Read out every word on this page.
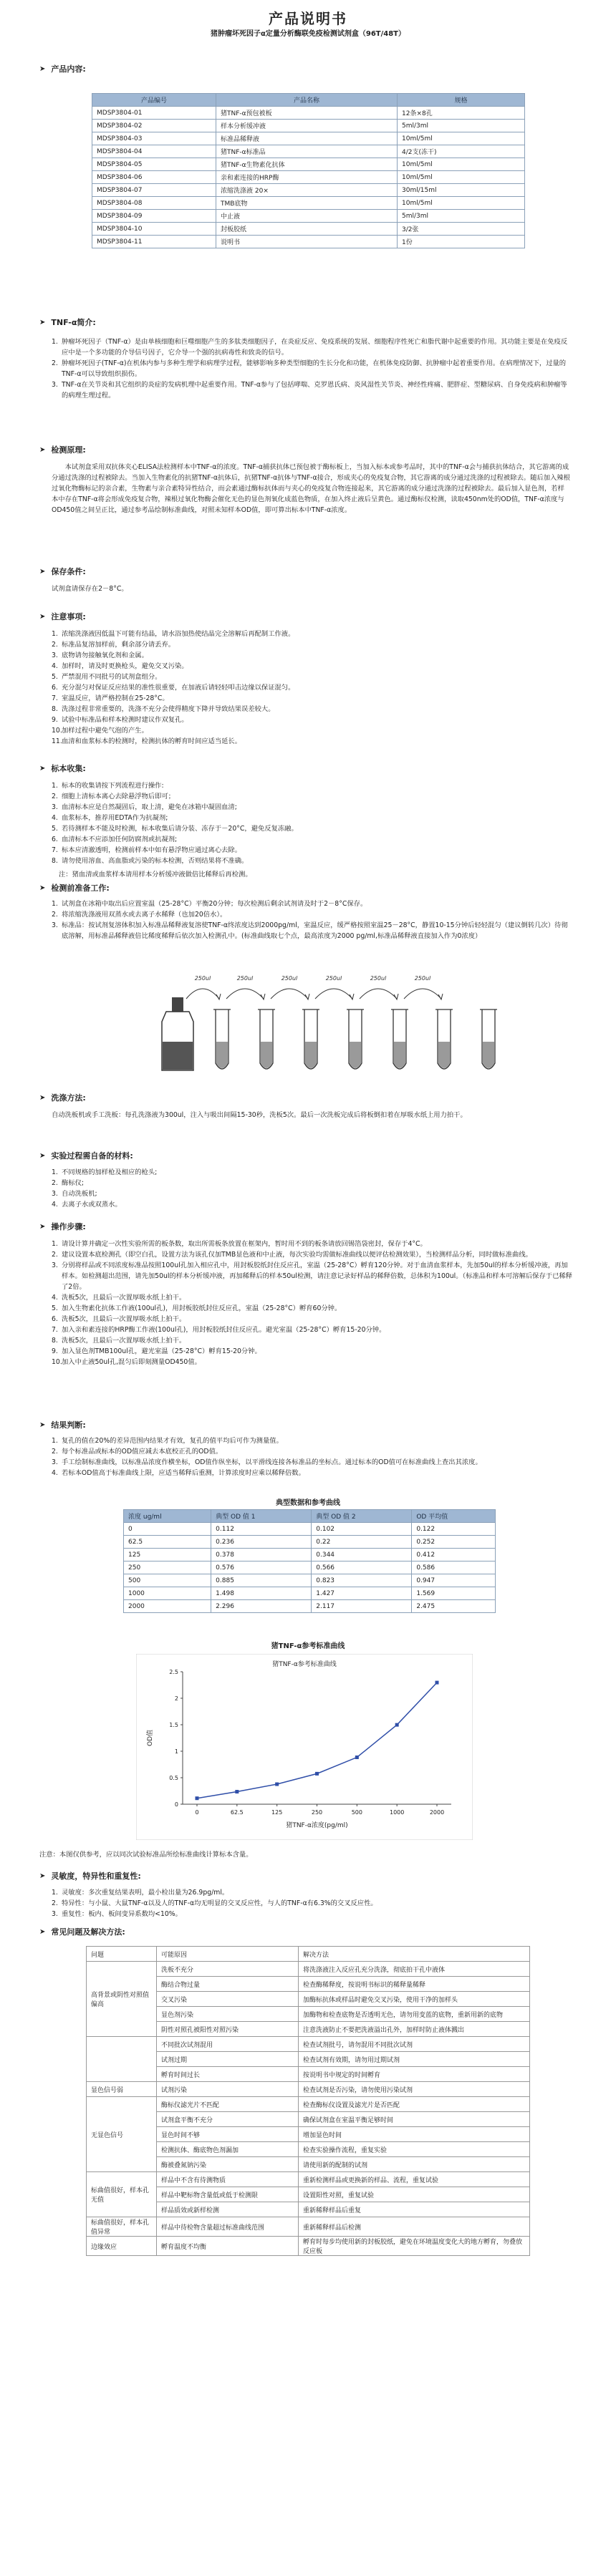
产品说明书
猪肿瘤坏死因子α定量分析酶联免疫检测试剂盒（96T/48T）
➤ 产品内容:
产品编号	产品名称	规格
MDSP3804-01	猪TNF-α预包被板	12条×8孔
MDSP3804-02	样本分析缓冲液	5ml/3ml
MDSP3804-03	标准品稀释液	10ml/5ml
MDSP3804-04	猪TNF-α标准品	4/2支(冻干)
MDSP3804-05	猪TNF-α生物素化抗体	10ml/5ml
MDSP3804-06	亲和素连接的HRP酶	10ml/5ml
MDSP3804-07	浓缩洗涤液 20×	30ml/15ml
MDSP3804-08	TMB底物	10ml/5ml
MDSP3804-09	中止液	5ml/3ml
MDSP3804-10	封板胶纸	3/2张
MDSP3804-11	说明书	1份
➤ TNF-α简介:
1. 肿瘤坏死因子（TNF-α）是由单核细胞和巨噬细胞产生的多肽类细胞因子，在炎症反应、免疫系统的发展、细胞程序性死亡和脂代谢中起重要的作用。其功能主要是在免疫反应中是一个多功能的介导信号因子，它介导一个强的抗病毒性和致炎的信号。
2. 肿瘤坏死因子(TNF-α)在机体内参与多种生理学和病理学过程，能够影响多种类型细胞的生长分化和功能，在机体免疫防御、抗肿瘤中起着重要作用。在病理情况下，过量的TNF-α可以导致组织损伤。
3. TNF-α在关节炎和其它组织的炎症的发病机理中起重要作用。TNF-α参与了包括哮喘、克罗恩氏病、炎风湿性关节炎、神经性疼痛、肥胖症、型糖尿病、自身免疫病和肿瘤等的病理生理过程。
➤ 检测原理:
本试剂盒采用双抗体夹心ELISA法检测样本中TNF-α的浓度。TNF-α捕获抗体已预包被于酶标板上，当加入标本或参考品时，其中的TNF-α会与捕获抗体结合，其它游离的成分通过洗涤的过程被除去。当加入生物素化的抗猪TNF-α抗体后，抗猪TNF-α抗体与TNF-α接合，形成夹心的免疫复合物，其它游离的成分通过洗涤的过程被除去。随后加入辣根过氧化物酶标记的亲合素，生物素与亲合素特异性结合，而会素通过酶标抗体而与夹心的免疫复合物连接起来，其它游离的成分通过洗涤的过程被除去。最后加入显色剂，若样本中存在TNF-α将会形成免疫复合物，辣根过氧化物酶会催化无色的显色剂氧化成蓝色物质，在加入终止液后呈黄色。通过酶标仪检测，读取450nm处的OD值，TNF-α浓度与OD450值之间呈正比，通过参考品绘制标准曲线，对照未知样本OD值，即可算出标本中TNF-α浓度。
➤ 保存条件:
试剂盒请保存在2－8°C。
➤ 注意事项:
1. 浓缩洗涤液因低温下可能有结晶，请水浴加热使结晶完全溶解后再配制工作液。
2. 标准品复溶加样前，剩余部分请丢弃。
3. 底物请勿接触氧化剂和金属。
4. 加样时，请及时更换枪头，避免交叉污染。
5. 严禁混用不同批号的试剂盒组分。
6. 充分混匀对保证反应结果的准性很重要，在加液后请轻轻叩击边缘以保证混匀。
7. 室温反应，请严格控制在25-28°C。
8. 洗涤过程非常重要的，洗涤不充分会使得精度下降并导致结果误差较大。
9. 试验中标准品和样本检测时建议作双复孔。
10. 加样过程中避免气泡的产生。
11. 血清和血浆标本的检测时，检测抗体的孵育时间应适当延长。
➤ 标本收集:
1. 标本的收集请按下列流程进行操作:
2. 细胞上清标本离心去除悬浮物后即可；
3. 血清标本应是自然凝固后，取上清，避免在冰箱中凝固血清;
4. 血浆标本，推荐用EDTA作为抗凝剂;
5. 若待测样本不能及时检测，标本收集后请分装、冻存于－20°C，避免反复冻融。
6. 血清标本不应添加任何防腐剂或抗凝剂;
7. 标本应清澈透明，检测前样本中如有悬浮物应通过离心去除。
8. 请勿使用溶血、高血脂或污染的标本检测，否则结果将不准确。
注：猪血清或血浆样本请用样本分析缓冲液做倍比稀释后再检测。
➤ 检测前准备工作:
1. 试剂盒在冰箱中取出后应置室温（25-28°C）平衡20分钟；每次检测后剩余试剂请及时于2－8°C保存。
2. 将浓缩洗涤液用双蒸水或去离子水稀释（也加20倍水）。
3. 标准品：按试剂复溶体积加入标准品稀释液复溶使TNF-α终浓度达到2000pg/ml，室温反应，缓严格按照室温25－28°C，静置10-15分钟后轻轻混匀（建议倒转几次）待彻底溶解，用标准品稀释液倍比稀度稀释后依次加入检测孔中。(标准曲线取七个点，最高浓度为2000 pg/ml,标准品稀释液直接加入作为0浓度）
250ul	250ul	250ul	250ul	250ul	250ul
➤ 洗涤方法:
自动洗板机或手工洗板：每孔洗涤液为300ul，注入与吸出间隔15-30秒，洗板5次。最后一次洗板完成后将板倒扣着在厚吸水纸上用力拍干。
➤ 实验过程需自备的材料:
1. 不同规格的加样枪及相应的枪头;
2. 酶标仪;
3. 自动洗板机;
4. 去离子水或双蒸水。
➤ 操作步骤:
1. 请设计算并确定一次性实验所需的板条数，取出所需板条放置在框架内，暂时用不到的板条请放回锡箔袋密封，保存于4°C。
2. 建议设置本底检测孔（即空白孔，设置方法为该孔仅加TMB显色液和中止液，每次实验均需做标准曲线以便评估检测效果），当检测样品分析，同时做标准曲线。
3. 分别将样品或不同浓度标准品按照100ul孔加入相应孔中，用封板胶纸封住反应孔，室温（25-28°C）孵育120分钟。对于血清血浆样本，先加50ul的样本分析缓冲液，再加样本。如检测超出范围，请先加50ul的样本分析缓冲液，再加稀释后的样本50ul检测，请注意记录好样品的稀释倍数，总体积为100ul。（标准品和样本可溶解后保存于已稀释了2倍。
4. 洗板5次，且最后一次置厚吸水纸上拍干。
5. 加入生物素化抗体工作液(100ul孔)，用封板胶纸封住反应孔，室温（25-28°C）孵育60分钟。
6. 洗板5次，且最后一次置厚吸水纸上拍干。
7. 加入亲和素连接的HRP酶工作液(100ul孔)，用封板胶纸封住反应孔。避光室温（25-28°C）孵育15-20分钟。
8. 洗板5次，且最后一次置厚吸水纸上拍干。
9. 加入显色剂TMB100ul孔，避光室温（25-28°C）孵育15-20分钟。
10. 加入中止液50ul孔,混匀后即刻测量OD450值。
➤ 结果判断:
1. 复孔的值在20%的差异范围内结果才有效，复孔的值平均后可作为测量值。
2. 每个标准品或标本的OD值应减去本底校正孔的OD值。
3. 手工绘制标准曲线，以标准品浓度作横坐标，OD值作纵坐标，以平滑线连接各标准品的坐标点。通过标本的OD值可在标准曲线上查出其浓度。
4. 若标本OD值高于标准曲线上限，应适当稀释后重测，计算浓度时应乘以稀释倍数。
典型数据和参考曲线
浓度 ug/ml	典型 OD 值 1	典型 OD 值 2	OD 平均值
0	0.112	0.102	0.122
62.5	0.236	0.22	0.252
125	0.378	0.344	0.412
250	0.576	0.566	0.586
500	0.885	0.823	0.947
1000	1.498	1.427	1.569
2000	2.296	2.117	2.475
猪TNF-α参考标准曲线
猪TNF-α参考标准曲线
0
0.5
1
1.5
2
2.5
0	62.5	125	250	500	1000	2000
OD值
猪TNF-α浓度(pg/ml)
注意：本图仅供参考，应以同次试验标准品所绘标准曲线计算标本含量。
➤ 灵敏度，特异性和重复性:
1. 灵敏度：多次重复结果表明，最小检出量为26.9pg/ml。
2. 特异性：与小鼠、大鼠TNF-α以及人的TNF-α均无明显的交叉反应性，与人的TNF-α有6.3%的交叉反应性。
3. 重复性：板内、板间变异系数均<10%。
➤ 常见问题及解决方法:
问题	可能原因	解决方法
高背景或阴性对照值偏高	洗板不充分	将洗涤液注入反应孔充分洗涤，彻底拍干孔中液体
	酶结合物过量	检查酶稀释度，按说明书标识的稀释量稀释
	交叉污染	加酶标抗体或样品时避免交叉污染，使用干净的加样头
	显色剂污染	加酶物和检查底物是否透明无色，请勿用变蓝的底物，重新用新的底物
	阴性对照孔被阳性对照污染	注意洗液防止不要把洗液溢出孔外，加样时防止液体溅出
	不同批次试剂混用	检查试剂批号，请勿混用不同批次试剂
	试剂过期	检查试剂有效期，请勿用过期试剂
	孵育时间过长	按说明书中规定的时间孵育
显色信号弱	试剂污染	检查试剂是否污染，请勿使用污染试剂
无显色信号	酶标仪滤光片不匹配	检查酶标仪设置及滤光片是否匹配
	试剂盒平衡不充分	确保试剂盒在室温平衡足够时间
	显色时间不够	增加显色时间
	检测抗体、酶底物色剂漏加	检查实验操作流程，重复实验
	酶被叠氮钠污染	请使用新的配制的试剂
标曲值很好，样本孔无值	样品中不含有待测物质	重新检测样品或更换新的样品、流程，重复试验
	样品中靶标物含量低或低于检测限	设置阳性对照，重复试验
	样品质效或新样检测	重新稀释样品后重复
标曲值很好，样本孔值异常	样品中待检物含量超过标准曲线范围	重新稀释样品后检测
边缘效应	孵育温度不均衡	孵育时每步均使用新的封板胶纸，避免在环境温度变化大的地方孵育，勿叠放反应板
